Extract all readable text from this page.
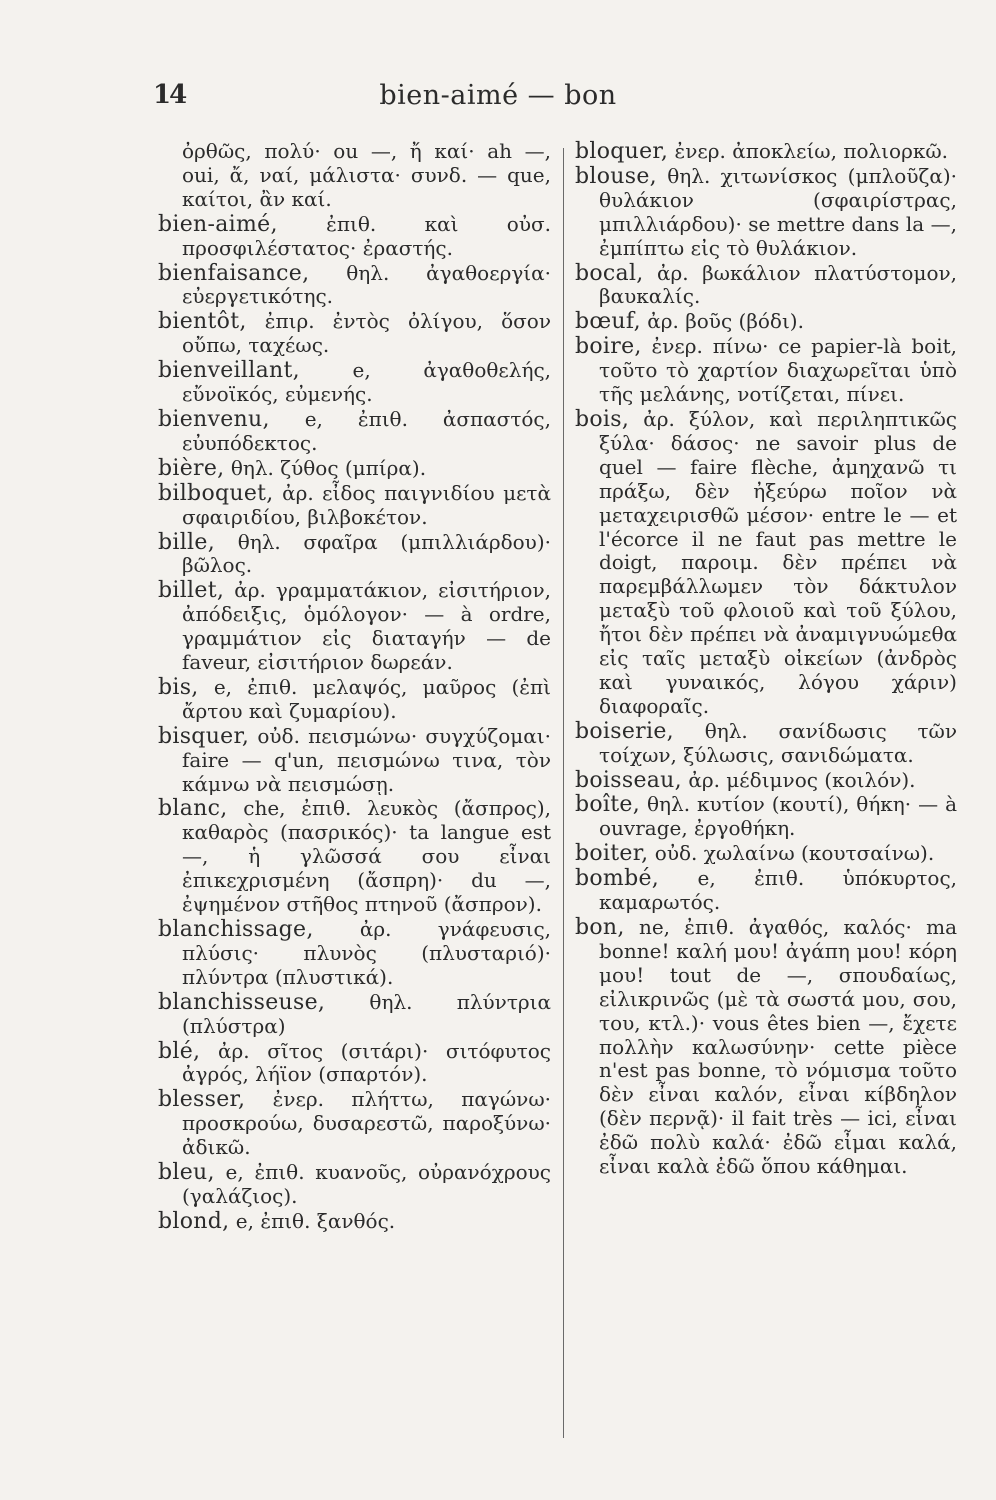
14	bien-aimé — bon

ὀρθῶς, πολύ· ou —, ἤ καί· ah —, oui, ἄ, ναί, μάλιστα· συνδ. — que, καίτοι, ἂν καί.

bien-aimé, ἐπιθ. καὶ οὐσ. προσφιλέστατος· ἐραστής.

bienfaisance, θηλ. ἀγαθοεργία· εὐεργετικότης.

bientôt, ἐπιρ. ἐντὸς ὀλίγου, ὅσον οὔπω, ταχέως.

bienveillant,	e, ἀγαθοθελής, εὔνοϊκός, εὐμενής.

bienvenu, e, ἐπιθ. ἀσπαστός, εὐυπόδεκτος.

bière, θηλ. ζύθος (μπίρα).

bilboquet, ἀρ. εἶδος παιγνιδίου μετὰ σφαιριδίου, βιλβοκέτον.

bille, θηλ. σφαῖρα (μπιλλιάρδου)· βῶλος.

billet, ἀρ. γραμματάκιον, εἰσιτήριον, ἀπόδειξις, ὁμόλογον· — à ordre, γραμμάτιον εἰς διαταγήν — de faveur, εἰσιτήριον δωρεάν.

bis, e, ἐπιθ. μελαψός, μαῦρος (ἐπὶ ἄρτου καὶ ζυμαρίου).

bisquer, οὐδ. πεισμώνω· συγχύζομαι· faire — q'un, πεισμώνω τινα, τὸν κάμνω νὰ πεισμώσῃ.

blanc, che, ἐπιθ. λευκὸς (ἄσπρος), καθαρὸς (πασρικός)· ta langue est —, ἡ γλῶσσά σου εἶναι ἐπικεχρισμένη (ἄσπρη)· du —, ἐψημένον στῆθος πτηνοῦ (ἄσπρον).

blanchissage, ἀρ. γνάφευσις, πλύσις· πλυνὸς (πλυσταριό)· πλύντρα (πλυστικά).

blanchisseuse, θηλ. πλύντρια (πλύστρα)

blé, ἀρ. σῖτος (σιτάρι)· σιτόφυτος ἀγρός, λήϊον (σπαρτόν).

blesser, ἐνερ. πλήττω, παγώνω· προσκρούω, δυσαρεστῶ, παροξύνω· ἀδικῶ.

bleu, e, ἐπιθ. κυανοῦς, οὐρανόχρους (γαλάζιος).

blond, e, ἐπιθ. ξανθός.

bloquer, ἐνερ. ἀποκλείω, πολιορκῶ.

blouse, θηλ. χιτωνίσκος (μπλοῦζα)· θυλάκιον (σφαιρίστρας, μπιλλιάρδου)· se mettre dans la —, ἐμπίπτω εἰς τὸ θυλάκιον.

bocal, ἀρ. βωκάλιον πλατύστομον, βαυκαλίς.

bœuf, ἀρ. βοῦς (βόδι).

boire, ἐνερ. πίνω· ce papier-là boit, τοῦτο τὸ χαρτίον διαχωρεῖται ὑπὸ τῆς μελάνης, νοτίζεται, πίνει.

bois, ἀρ. ξύλον, καὶ περιληπτικῶς ξύλα· δάσος· ne savoir plus de quel — faire flèche, ἀμηχανῶ τι πράξω, δὲν ἠξεύρω ποῖον νὰ μεταχειρισθῶ μέσον· entre le — et l'écorce il ne faut pas mettre le doigt, παροιμ. δὲν πρέπει νὰ παρεμβάλλωμεν τὸν δάκτυλον μεταξὺ τοῦ φλοιοῦ καὶ τοῦ ξύλου, ἤτοι δὲν πρέπει νὰ ἀναμιγνυώμεθα εἰς ταῖς μεταξὺ οἰκείων (ἀνδρὸς καὶ γυναικός, λόγου χάριν) διαφοραῖς.

boiserie, θηλ. σανίδωσις τῶν τοίχων, ξύλωσις, σανιδώματα.

boisseau, ἀρ. μέδιμνος (κοιλόν).

boîte, θηλ. κυτίον (κουτί), θήκη· — à ouvrage, ἐργοθήκη.

boiter, οὐδ. χωλαίνω (κουτσαίνω).

bombé, e, ἐπιθ. ὑπόκυρτος, καμαρωτός.

bon, ne, ἐπιθ. ἀγαθός, καλός· ma bonne! καλή μου! ἀγάπη μου! κόρη μου! tout de —, σπουδαίως, εἰλικρινῶς (μὲ τὰ σωστά μου, σου, του, κτλ.)· vous êtes bien —, ἔχετε πολλὴν καλωσύνην· cette pièce n'est pas bonne, τὸ νόμισμα τοῦτο δὲν εἶναι καλόν, εἶναι κίβδηλον (δὲν περνᾷ)· il fait très — ici, εἶναι ἐδῶ πολὺ καλά· ἐδῶ εἶμαι καλά, εἶναι καλὰ ἐδῶ ὅπου κάθημαι.
